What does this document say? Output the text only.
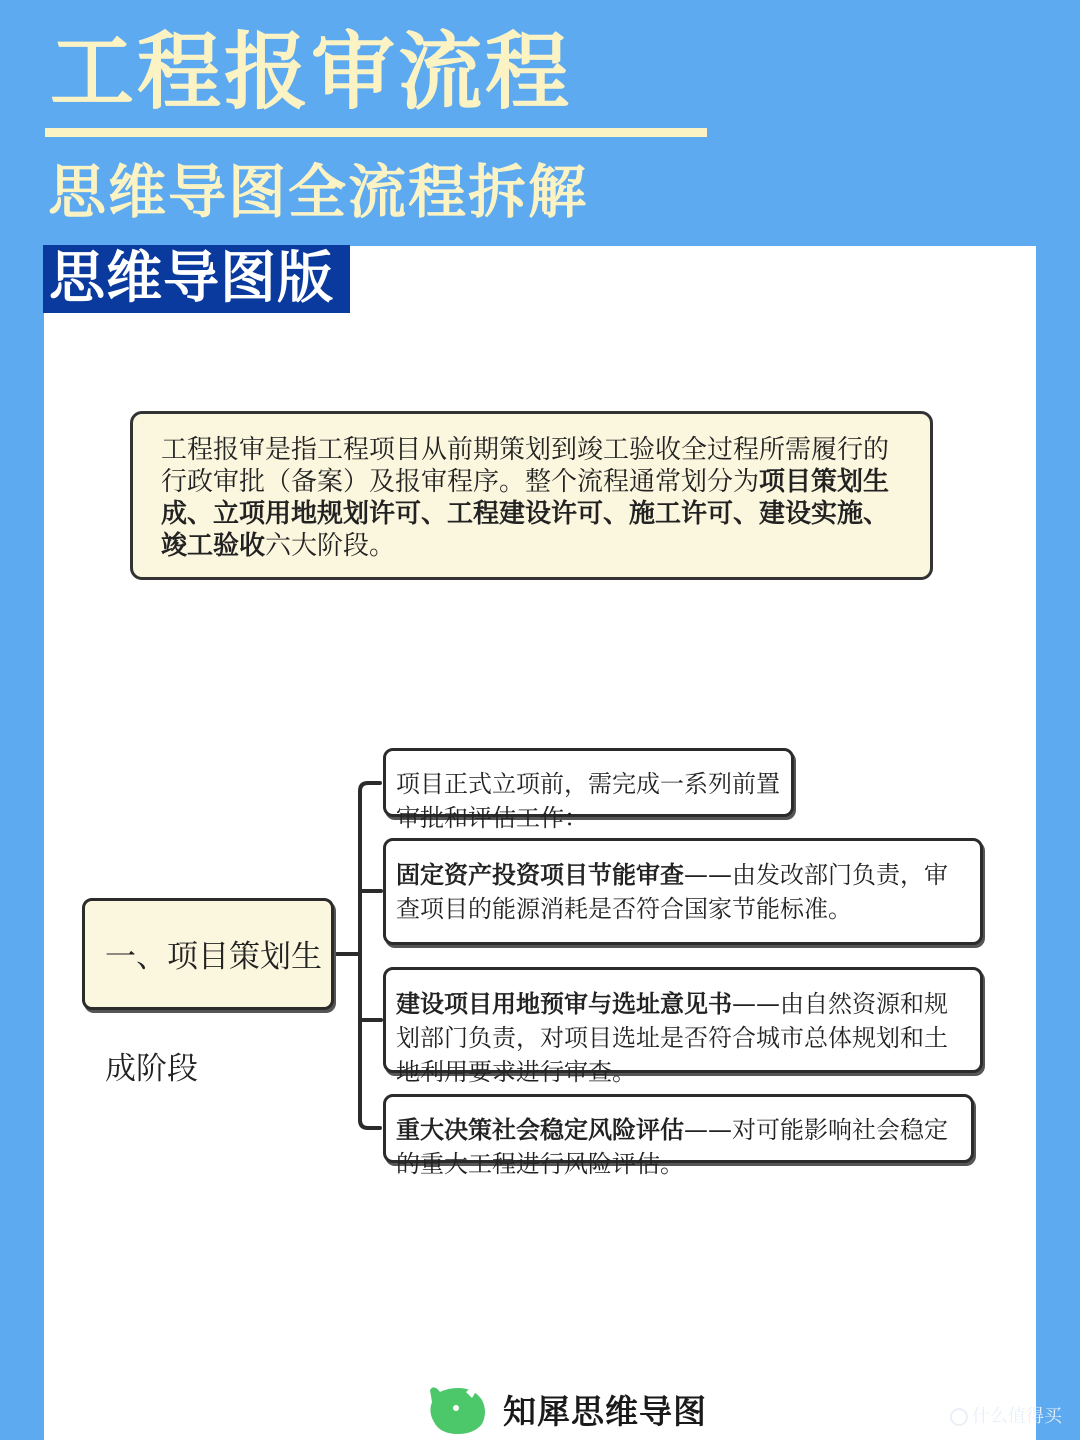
工程报审流程
思维导图全流程拆解
思维导图版
工程报审是指工程项目从前期策划到竣工验收全过程所需履行的行政审批（备案）及报审程序。整个流程通常划分为项目策划生成、立项用地规划许可、工程建设许可、施工许可、建设实施、竣工验收六大阶段。
一、项目策划生成阶段
项目正式立项前，需完成一系列前置审批和评估工作：
固定资产投资项目节能审查——由发改部门负责，审查项目的能源消耗是否符合国家节能标准。
建设项目用地预审与选址意见书——由自然资源和规划部门负责，对项目选址是否符合城市总体规划和土地利用要求进行审查。
重大决策社会稳定风险评估——对可能影响社会稳定的重大工程进行风险评估。
知犀思维导图	什么值得买
